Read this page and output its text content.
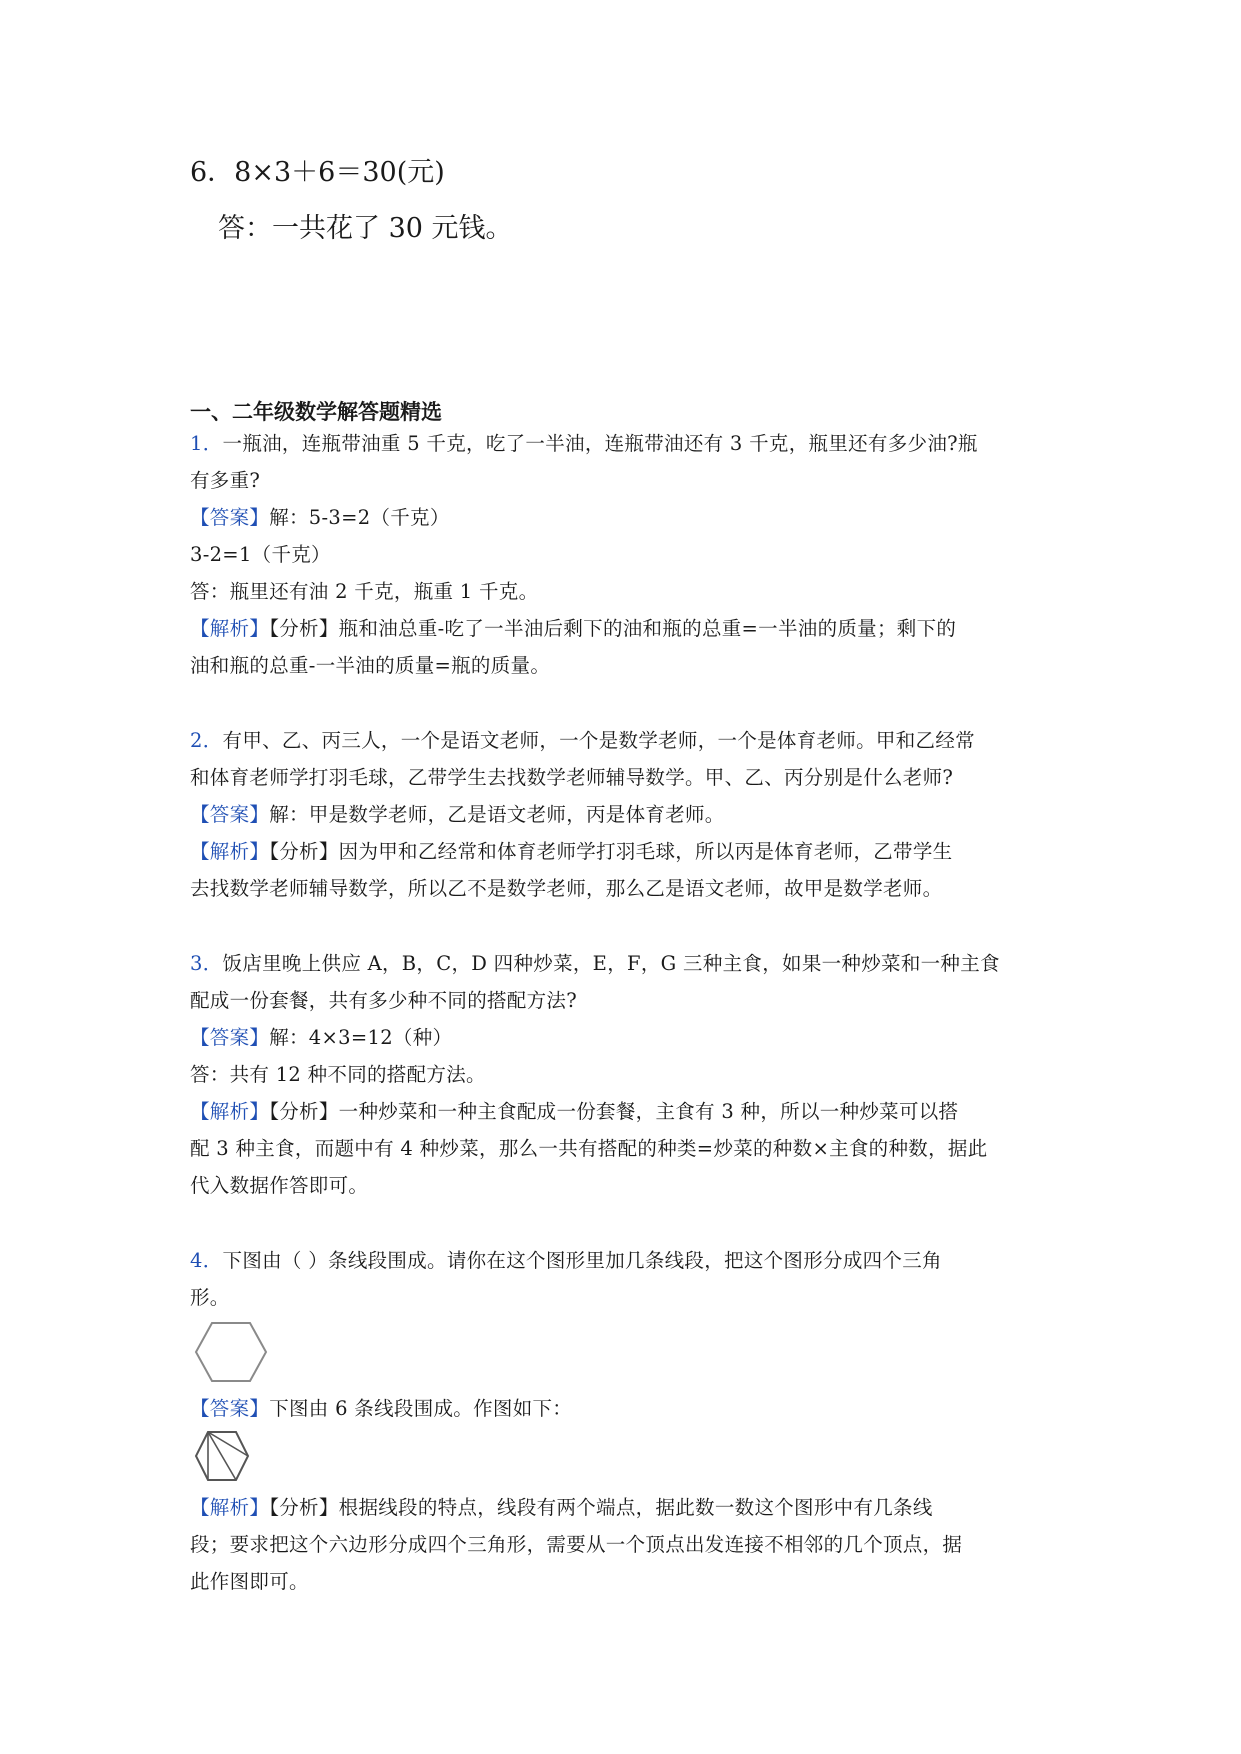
6．8×3＋6＝30(元)
答：一共花了 30 元钱。
一、二年级数学解答题精选
1．一瓶油，连瓶带油重 5 千克，吃了一半油，连瓶带油还有 3 千克，瓶里还有多少油?瓶
有多重?
【答案】解：5-3=2（千克）
3-2=1（千克）
答：瓶里还有油 2 千克，瓶重 1 千克。
【解析】【分析】瓶和油总重-吃了一半油后剩下的油和瓶的总重=一半油的质量；剩下的
油和瓶的总重-一半油的质量=瓶的质量。
2．有甲、乙、丙三人，一个是语文老师，一个是数学老师，一个是体育老师。甲和乙经常
和体育老师学打羽毛球，乙带学生去找数学老师辅导数学。甲、乙、丙分别是什么老师?
【答案】解：甲是数学老师，乙是语文老师，丙是体育老师。
【解析】【分析】因为甲和乙经常和体育老师学打羽毛球，所以丙是体育老师，乙带学生
去找数学老师辅导数学，所以乙不是数学老师，那么乙是语文老师，故甲是数学老师。
3．饭店里晚上供应 A，B，C，D 四种炒菜，E，F，G 三种主食，如果一种炒菜和一种主食
配成一份套餐，共有多少种不同的搭配方法?
【答案】解：4×3=12（种）
答：共有 12 种不同的搭配方法。
【解析】【分析】一种炒菜和一种主食配成一份套餐，主食有 3 种，所以一种炒菜可以搭
配 3 种主食，而题中有 4 种炒菜，那么一共有搭配的种类=炒菜的种数×主食的种数，据此
代入数据作答即可。
4．下图由（ ）条线段围成。请你在这个图形里加几条线段，把这个图形分成四个三角
形。
【答案】下图由 6 条线段围成。作图如下：
【解析】【分析】根据线段的特点，线段有两个端点，据此数一数这个图形中有几条线
段；要求把这个六边形分成四个三角形，需要从一个顶点出发连接不相邻的几个顶点，据
此作图即可。
